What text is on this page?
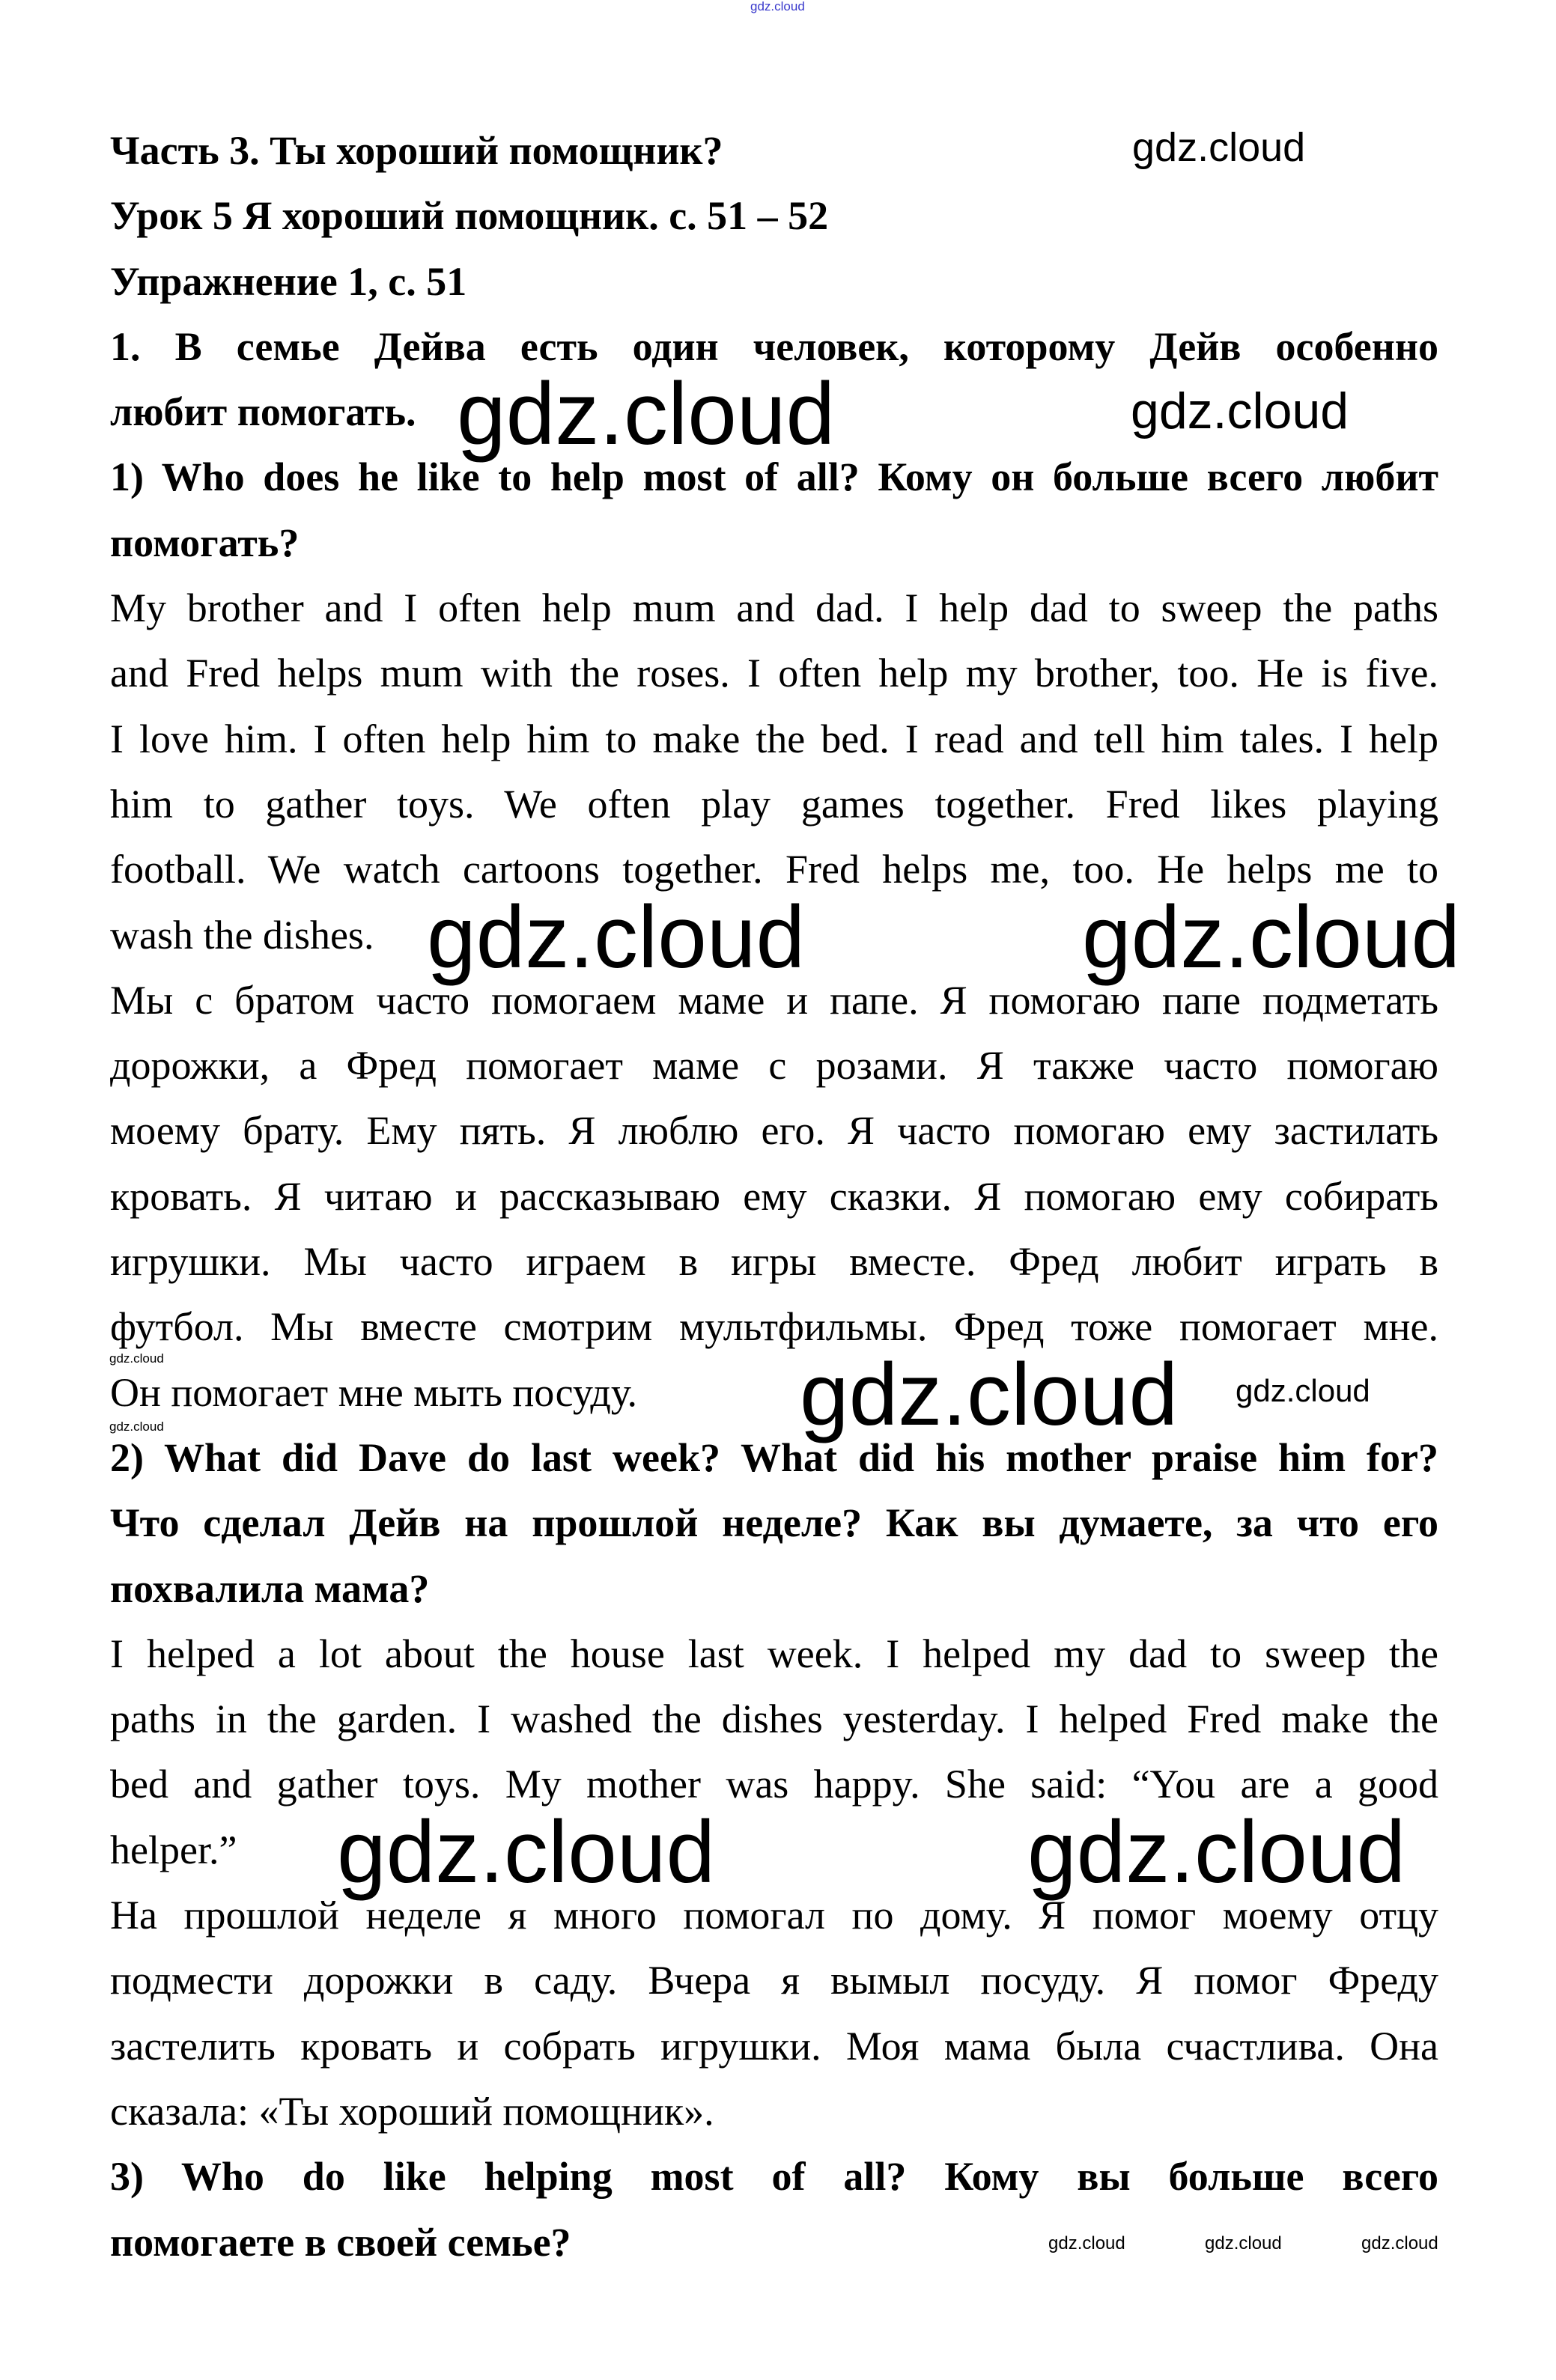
gdz.cloud
Часть 3. Ты хороший помощник?
Урок 5 Я хороший помощник. с. 51 – 52
Упражнение 1, с. 51
1. В семье Дейва есть один человек, которому Дейв особенно
любит помогать.
1) Who does he like to help most of all? Кому он больше всего любит
помогать?
My brother and I often help mum and dad. I help dad to sweep the paths
and Fred helps mum with the roses. I often help my brother, too. He is five.
I love him. I often help him to make the bed. I read and tell him tales. I help
him to gather toys. We often play games together. Fred likes playing
football. We watch cartoons together. Fred helps me, too. He helps me to
wash the dishes.
Мы с братом часто помогаем маме и папе. Я помогаю папе подметать
дорожки, а Фред помогает маме с розами. Я также часто помогаю
моему брату. Ему пять. Я люблю его. Я часто помогаю ему застилать
кровать. Я читаю и рассказываю ему сказки. Я помогаю ему собирать
игрушки. Мы часто играем в игры вместе. Фред любит играть в
футбол. Мы вместе смотрим мультфильмы. Фред тоже помогает мне.
Он помогает мне мыть посуду.
2) What did Dave do last week? What did his mother praise him for?
Что сделал Дейв на прошлой неделе? Как вы думаете, за что его
похвалила мама?
I helped a lot about the house last week. I helped my dad to sweep the
paths in the garden. I washed the dishes yesterday. I helped Fred make the
bed and gather toys. My mother was happy. She said: “You are a good
helper.”
На прошлой неделе я много помогал по дому. Я помог моему отцу
подмести дорожки в саду. Вчера я вымыл посуду. Я помог Фреду
застелить кровать и собрать игрушки. Моя мама была счастлива. Она
сказала: «Ты хороший помощник».
3) Who do like helping most of all? Кому вы больше всего
помогаете в своей семье?
gdz.cloud
gdz.cloud	gdz.cloud
gdz.cloud	gdz.cloud
gdz.cloud	gdz.cloud gdz.cloud
gdz.cloud
gdz.cloud	gdz.cloud
gdz.cloud	gdz.cloud	gdz.cloud
